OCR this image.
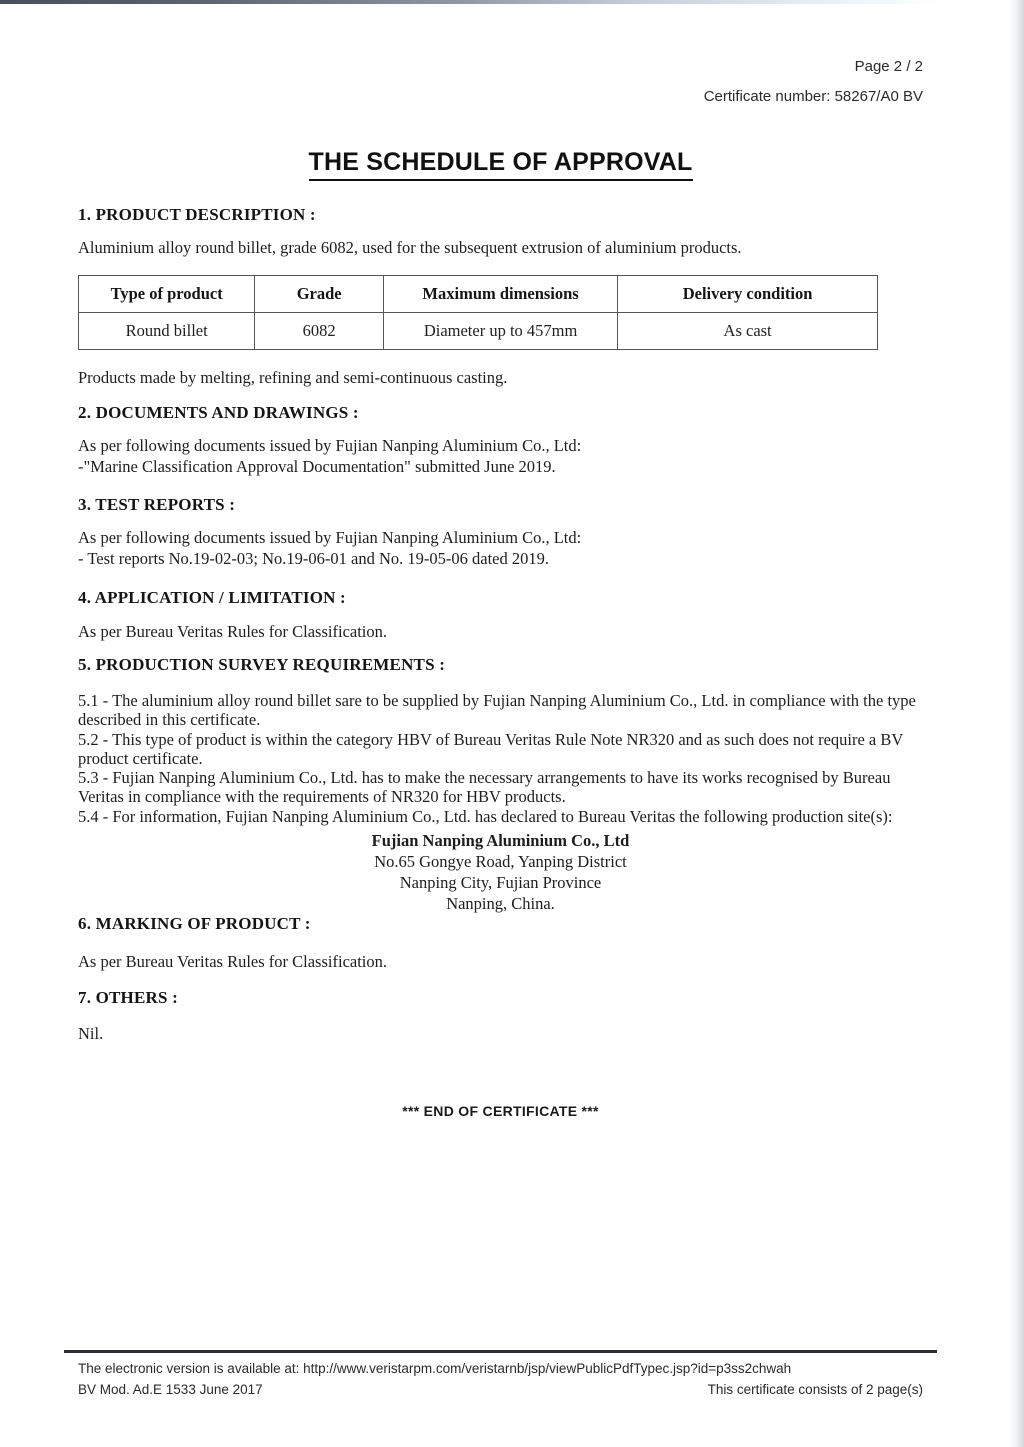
Page 2 / 2
Certificate number: 58267/A0 BV
THE SCHEDULE OF APPROVAL
1. PRODUCT DESCRIPTION :

Aluminium alloy round billet, grade 6082, used for the subsequent extrusion of aluminium products.

Type of product	Grade	Maximum dimensions	Delivery condition
Round billet	6082	Diameter up to 457mm	As cast

Products made by melting, refining and semi-continuous casting.

2. DOCUMENTS AND DRAWINGS :

As per following documents issued by Fujian Nanping Aluminium Co., Ltd:

-"Marine Classification Approval Documentation" submitted June 2019.

3. TEST REPORTS :

As per following documents issued by Fujian Nanping Aluminium Co., Ltd:

- Test reports No.19-02-03; No.19-06-01 and No. 19-05-06 dated 2019.

4. APPLICATION / LIMITATION :

As per Bureau Veritas Rules for Classification.

5. PRODUCTION SURVEY REQUIREMENTS :

5.1 - The aluminium alloy round billet sare to be supplied by Fujian Nanping Aluminium Co., Ltd. in compliance with the type described in this certificate.

5.2 - This type of product is within the category HBV of Bureau Veritas Rule Note NR320 and as such does not require a BV product certificate.

5.3 - Fujian Nanping Aluminium Co., Ltd. has to make the necessary arrangements to have its works recognised by Bureau Veritas in compliance with the requirements of NR320 for HBV products.

5.4 - For information, Fujian Nanping Aluminium Co., Ltd. has declared to Bureau Veritas the following production site(s):

Fujian Nanping Aluminium Co., Ltd
No.65 Gongye Road, Yanping District
Nanping City, Fujian Province
Nanping, China.
6. MARKING OF PRODUCT :

As per Bureau Veritas Rules for Classification.

7. OTHERS :

Nil.

*** END OF CERTIFICATE ***
The electronic version is available at: http://www.veristarpm.com/veristarnb/jsp/viewPublicPdfTypec.jsp?id=p3ss2chwah
BV Mod. Ad.E 1533 June 2017	This certificate consists of 2 page(s)
